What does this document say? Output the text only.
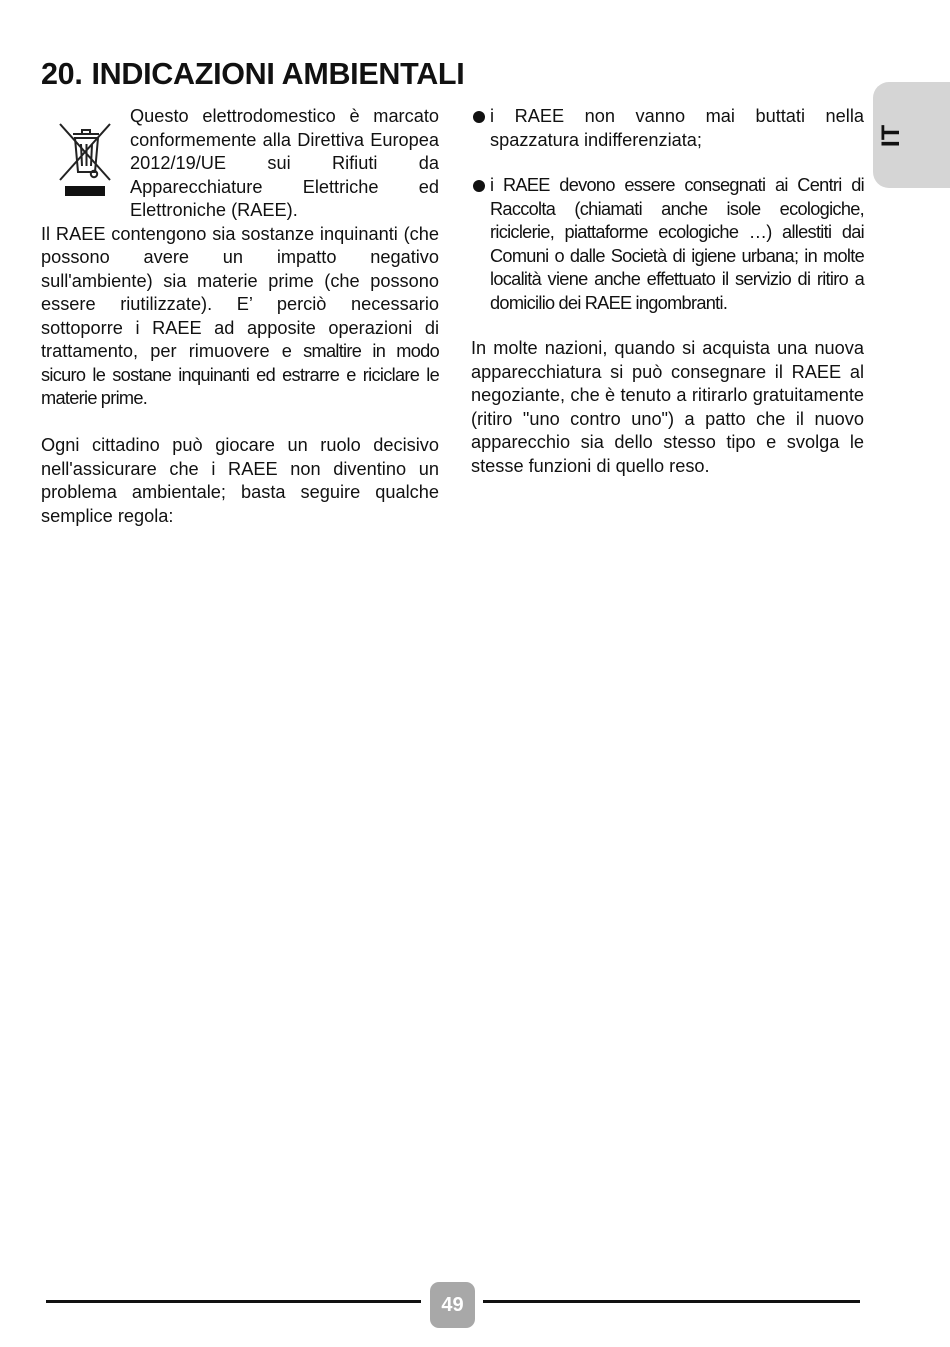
20. INDICAZIONI AMBIENTALI
IT

Questo elettrodomestico è marcato conformemente alla Direttiva Europea 2012/19/UE sui Rifiuti da Apparecchiature Elettriche ed Elettroniche (RAEE).

Il RAEE contengono sia sostanze inquinanti (che possono avere un impatto negativo sull'ambiente) sia materie prime (che possono essere riutilizzate). E’ perciò necessario sottoporre i RAEE ad apposite operazioni di trattamento, per rimuovere e smaltire in modo sicuro le sostane inquinanti ed estrarre e riciclare le materie prime.

Ogni cittadino può giocare un ruolo decisivo nell'assicurare che i RAEE non diventino un problema ambientale; basta seguire qualche semplice regola:

i RAEE non vanno mai buttati nella spazzatura indifferenziata;

i RAEE devono essere consegnati ai Centri di Raccolta (chiamati anche isole ecologiche, riciclerie, piattaforme ecologiche …) allestiti dai Comuni o dalle Società di igiene urbana; in molte località viene anche effettuato il servizio di ritiro a domicilio dei RAEE ingombranti.

In molte nazioni, quando si acquista una nuova apparecchiatura si può consegnare il RAEE al negoziante, che è tenuto a ritirarlo gratuitamente (ritiro "uno contro uno") a patto che il nuovo apparecchio sia dello stesso tipo e svolga le stesse funzioni di quello reso.

49
